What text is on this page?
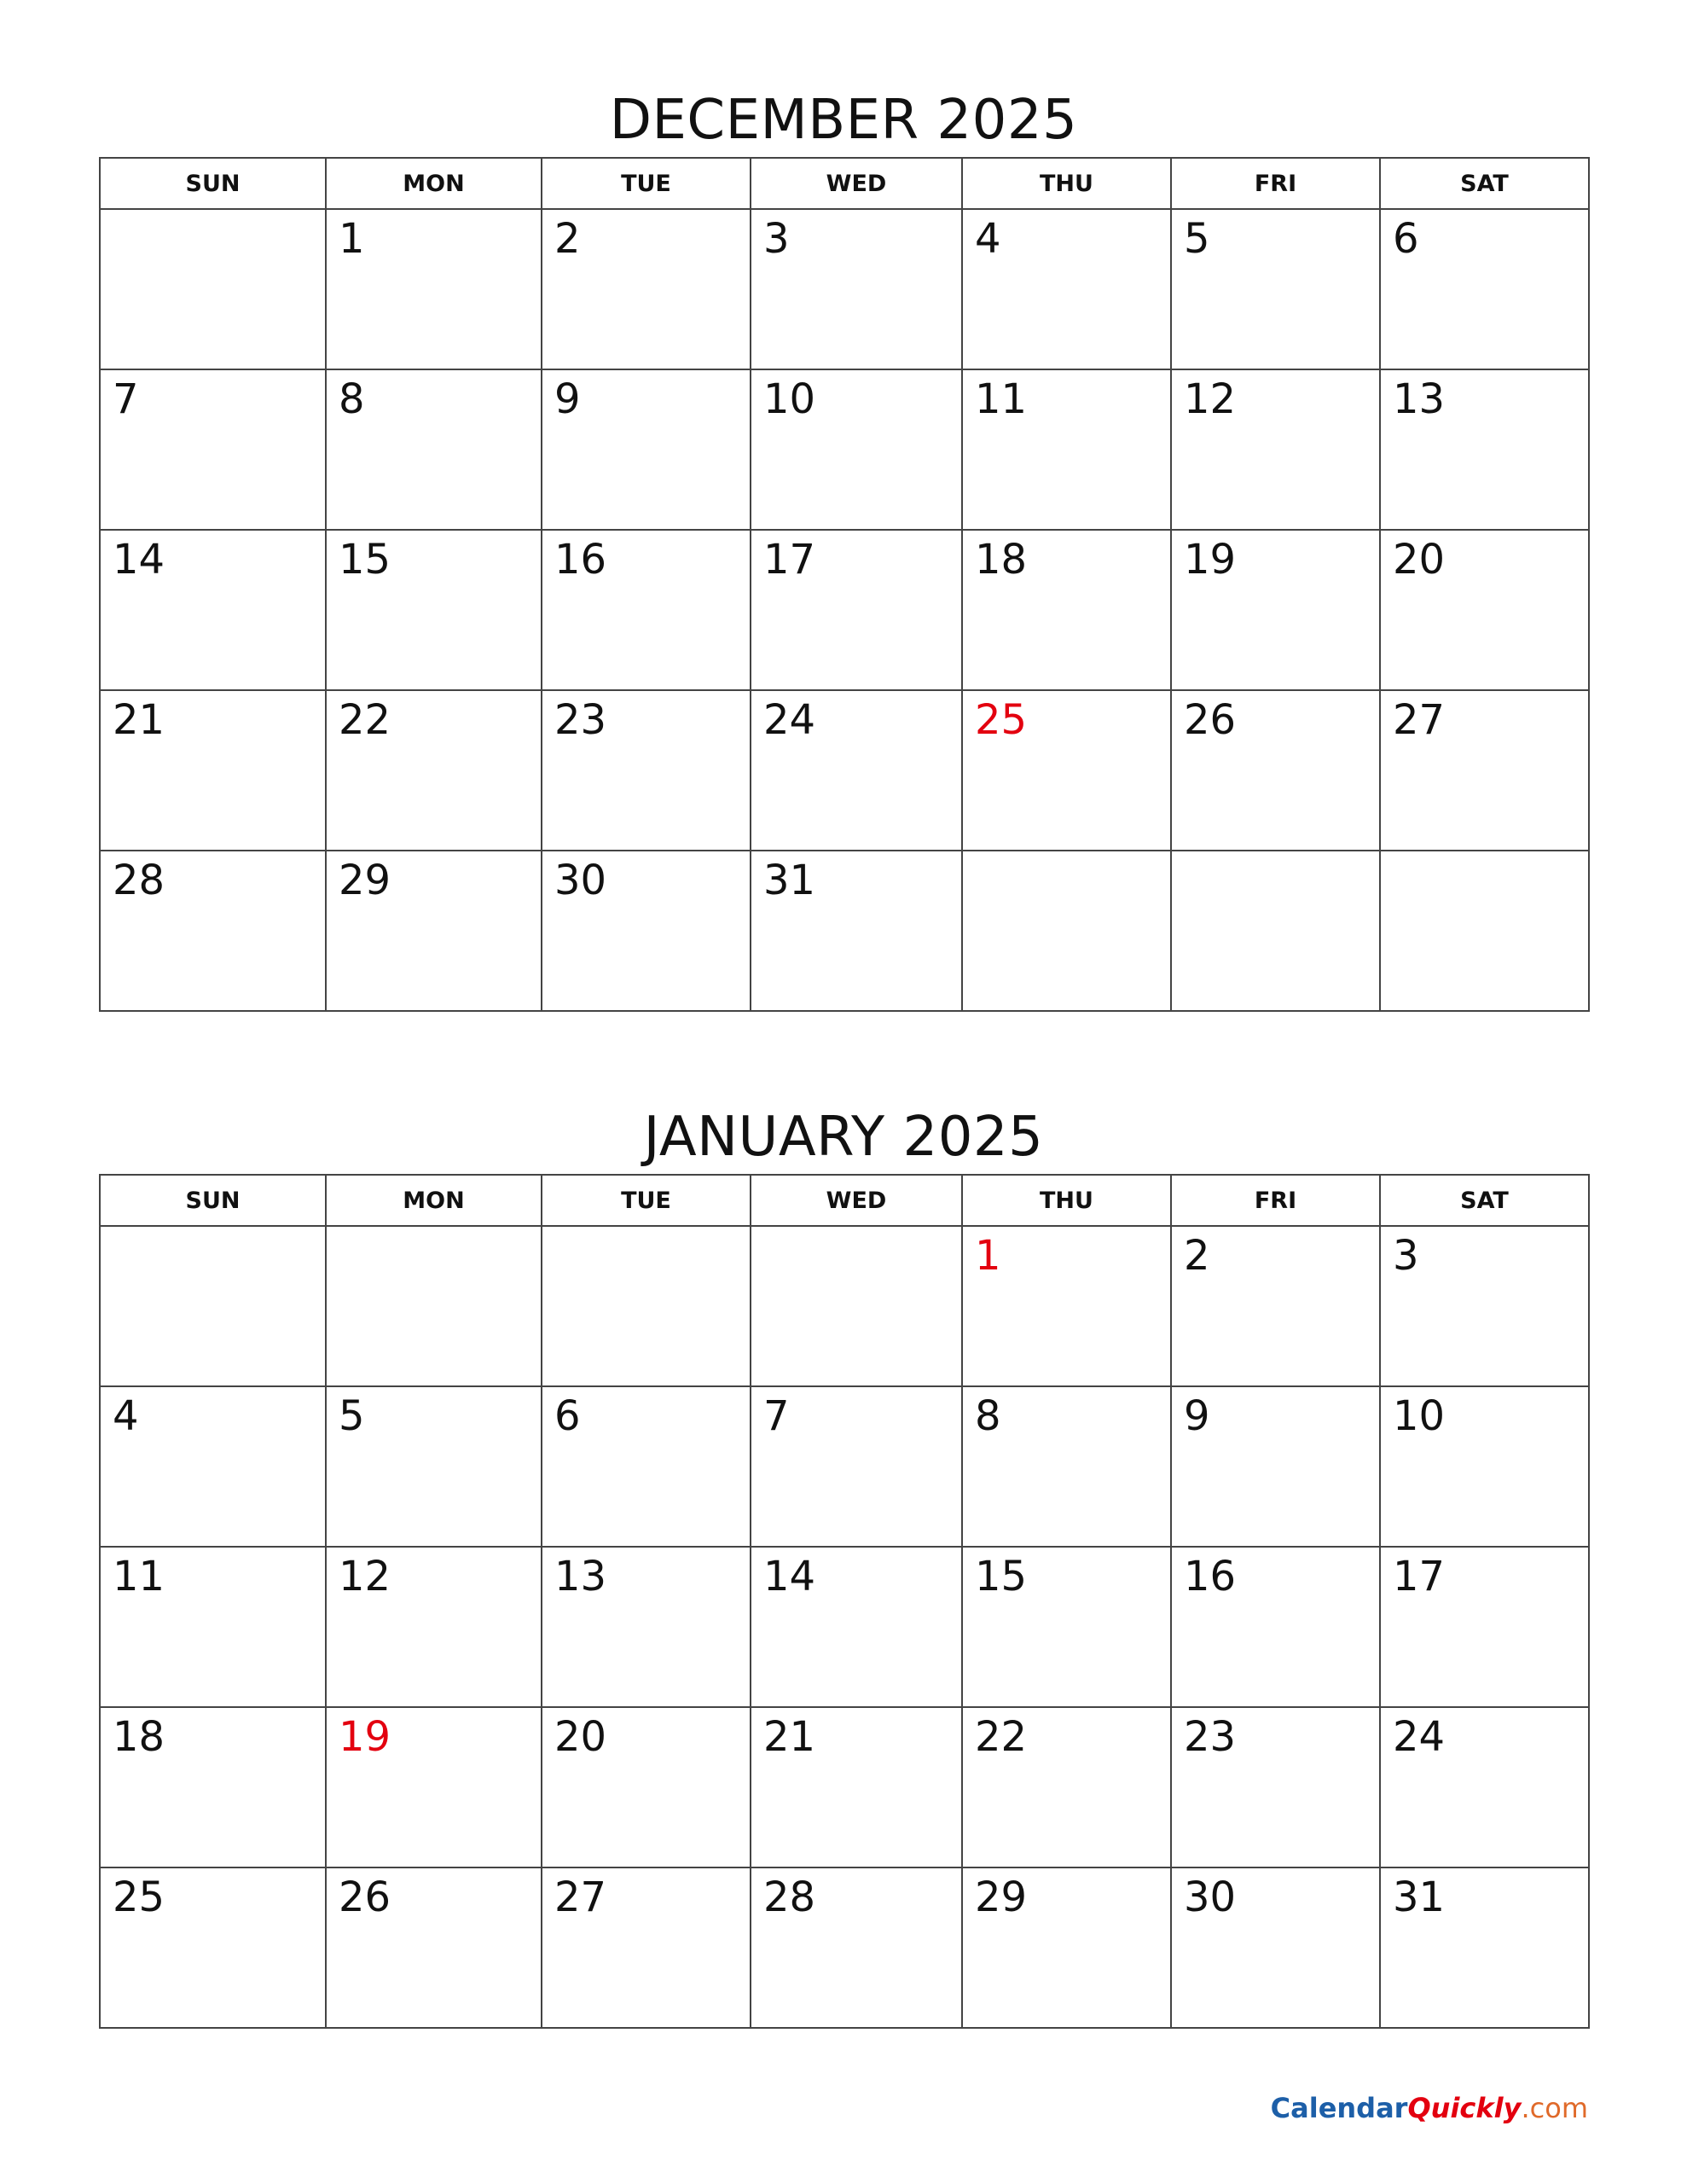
DECEMBER 2025
SUN	MON	TUE	WED	THU	FRI	SAT

	1	2	3	4	5	6

7	8	9	10	11	12	13

14	15	16	17	18	19	20

21	22	23	24	25	26	27

28	29	30	31			

JANUARY 2025
SUN	MON	TUE	WED	THU	FRI	SAT

				1	2	3

4	5	6	7	8	9	10

11	12	13	14	15	16	17

18	19	20	21	22	23	24

25	26	27	28	29	30	31
CalendarQuickly.com
